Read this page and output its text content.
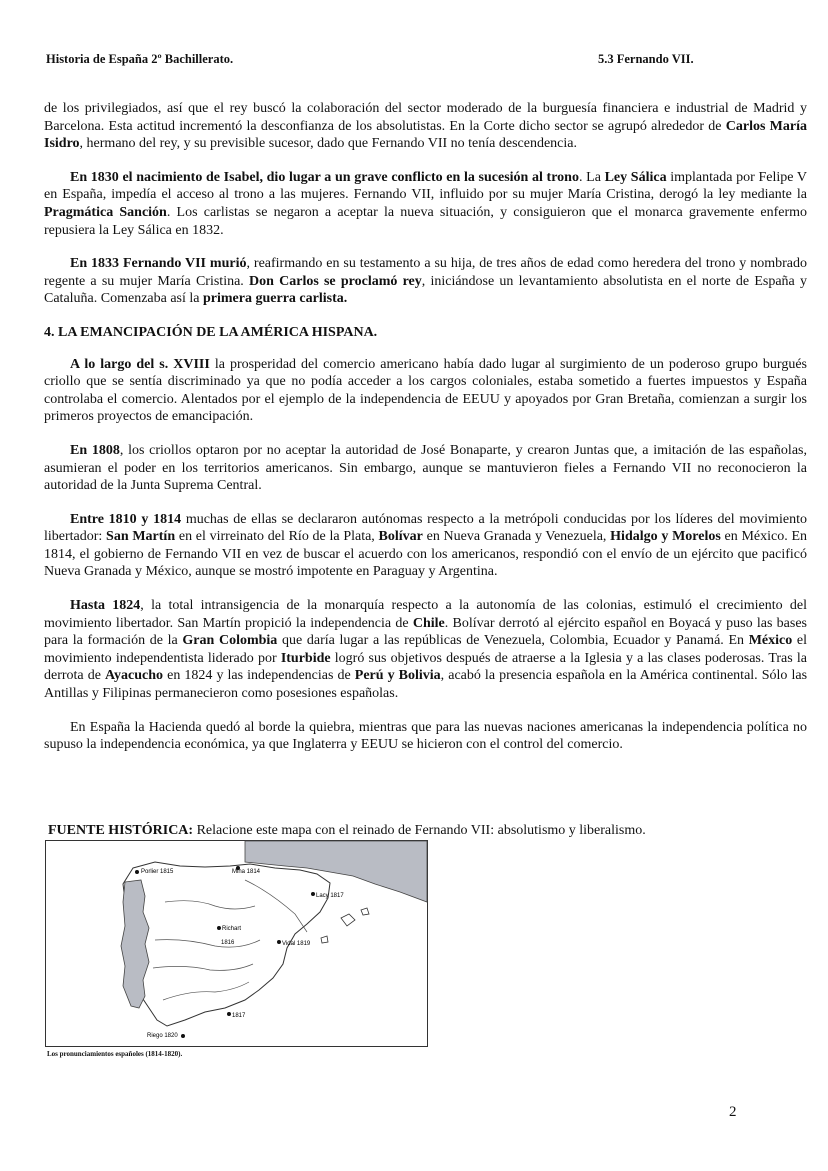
Historia de España 2º Bachillerato.	5.3 Fernando VII.

de los privilegiados, así que el rey buscó la colaboración del sector moderado de la burguesía financiera e industrial de Madrid y Barcelona. Esta actitud incrementó la desconfianza de los absolutistas. En la Corte dicho sector se agrupó alrededor de Carlos María Isidro, hermano del rey, y su previsible sucesor, dado que Fernando VII no tenía descendencia.

En 1830 el nacimiento de Isabel, dio lugar a un grave conflicto en la sucesión al trono. La Ley Sálica implantada por Felipe V en España, impedía el acceso al trono a las mujeres. Fernando VII, influido por su mujer María Cristina, derogó la ley mediante la Pragmática Sanción. Los carlistas se negaron a aceptar la nueva situación, y consiguieron que el monarca gravemente enfermo repusiera la Ley Sálica en 1832.

En 1833 Fernando VII murió, reafirmando en su testamento a su hija, de tres años de edad como heredera del trono y nombrado regente a su mujer María Cristina. Don Carlos se proclamó rey, iniciándose un levantamiento absolutista en el norte de España y Cataluña. Comenzaba así la primera guerra carlista.

4. LA EMANCIPACIÓN DE LA AMÉRICA HISPANA.

A lo largo del s. XVIII la prosperidad del comercio americano había dado lugar al surgimiento de un poderoso grupo burgués criollo que se sentía discriminado ya que no podía acceder a los cargos coloniales, estaba sometido a fuertes impuestos y España controlaba el comercio. Alentados por el ejemplo de la independencia de EEUU y apoyados por Gran Bretaña, comienzan a surgir los primeros proyectos de emancipación.

En 1808, los criollos optaron por no aceptar la autoridad de José Bonaparte, y crearon Juntas que, a imitación de las españolas, asumieran el poder en los territorios americanos. Sin embargo, aunque se mantuvieron fieles a Fernando VII no reconocieron la autoridad de la Junta Suprema Central.

Entre 1810 y 1814 muchas de ellas se declararon autónomas respecto a la metrópoli conducidas por los líderes del movimiento libertador: San Martín en el virreinato del Río de la Plata, Bolívar en Nueva Granada y Venezuela, Hidalgo y Morelos en México. En 1814, el gobierno de Fernando VII en vez de buscar el acuerdo con los americanos, respondió con el envío de un ejército que pacificó Nueva Granada y México, aunque se mostró impotente en Paraguay y Argentina.

Hasta 1824, la total intransigencia de la monarquía respecto a la autonomía de las colonias, estimuló el crecimiento del movimiento libertador. San Martín propició la independencia de Chile. Bolívar derrotó al ejército español en Boyacá y puso las bases para la formación de la Gran Colombia que daría lugar a las repúblicas de Venezuela, Colombia, Ecuador y Panamá. En México el movimiento independentista liderado por Iturbide logró sus objetivos después de atraerse a la Iglesia y a las clases poderosas. Tras la derrota de Ayacucho en 1824 y las independencias de Perú y Bolivia, acabó la presencia española en la América continental. Sólo las Antillas y Filipinas permanecieron como posesiones españolas.

En España la Hacienda quedó al borde la quiebra, mientras que para las nuevas naciones americanas la independencia política no supuso la independencia económica, ya que Inglaterra y EEUU se hicieron con el control del comercio.

FUENTE HISTÓRICA: Relacione este mapa con el reinado de Fernando VII: absolutismo y liberalismo.
Porlier 1815	Mina 1814
Lacy 1817
Richart
1816	Vidal 1819
1817
Riego 1820
Los pronunciamientos españoles (1814-1820).
2
